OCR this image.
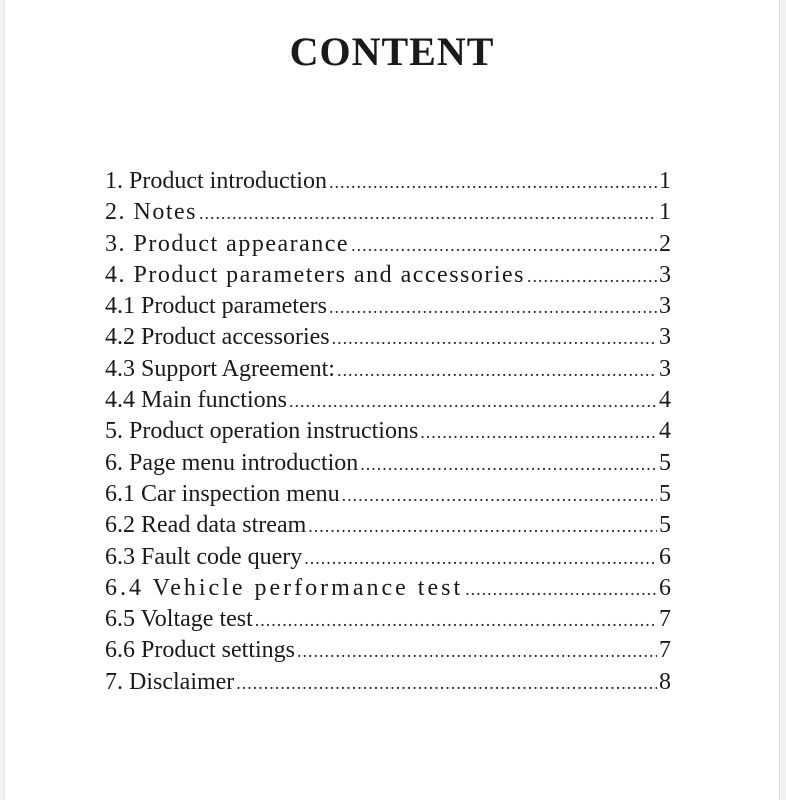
CONTENT
1. Product introduction .....	1
2. Notes .....	1
3. Product appearance .....	2
4. Product parameters and accessories .....	3
4.1 Product parameters .....	3
4.2 Product accessories .....	3
4.3 Support Agreement: .....	3
4.4 Main functions .....	4
5. Product operation instructions .....	4
6. Page menu introduction .....	5
6.1 Car inspection menu .....	5
6.2 Read data stream .....	5
6.3 Fault code query .....	6
6.4 Vehicle performance test .....	6
6.5 Voltage test .....	7
6.6 Product settings .....	7
7. Disclaimer .....	8
